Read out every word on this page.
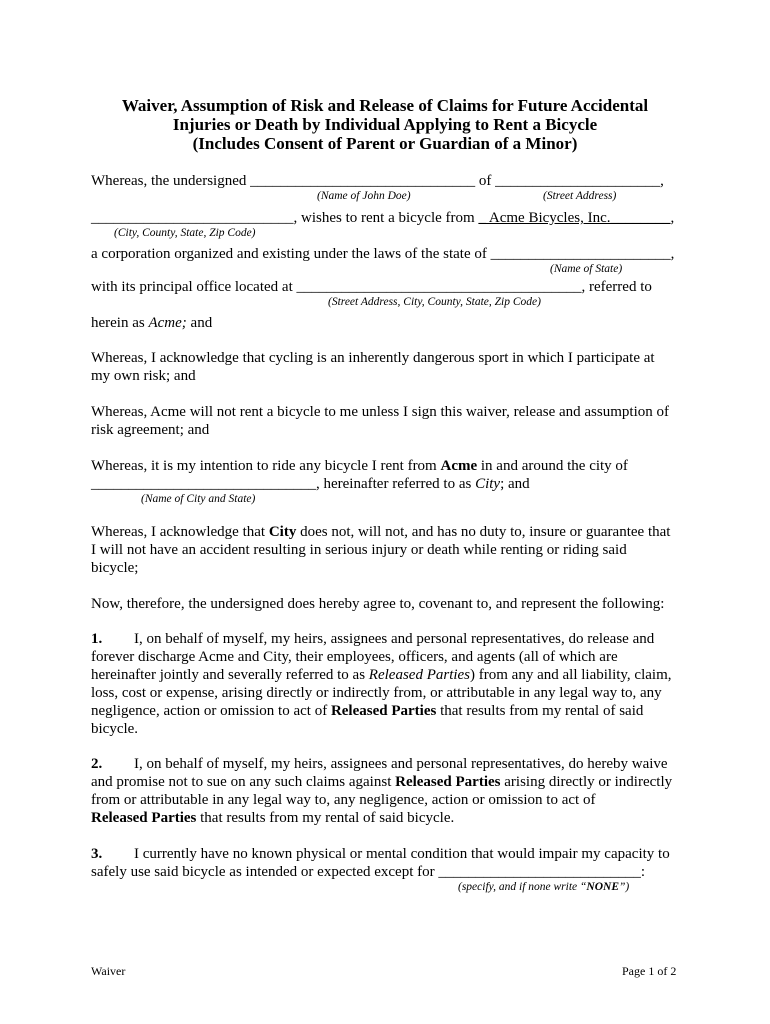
Waiver, Assumption of Risk and Release of Claims for Future Accidental
Injuries or Death by Individual Applying to Rent a Bicycle
(Includes Consent of Parent or Guardian of a Minor)
Whereas, the undersigned ______________________________ of ______________________,
(Name of John Doe)	(Street Address)
___________________________, wishes to rent a bicycle from _ Acme Bicycles, Inc.________,
(City, County, State, Zip Code)
a corporation organized and existing under the laws of the state of ________________________,
(Name of State)
with its principal office located at ______________________________________, referred to
(Street Address, City, County, State, Zip Code)
herein as Acme; and
Whereas, I acknowledge that cycling is an inherently dangerous sport in which I participate at
my own risk; and
Whereas, Acme will not rent a bicycle to me unless I sign this waiver, release and assumption of
risk agreement; and
Whereas, it is my intention to ride any bicycle I rent from Acme in and around the city of
______________________________, hereinafter referred to as City; and
(Name of City and State)
Whereas, I acknowledge that City does not, will not, and has no duty to, insure or guarantee that
I will not have an accident resulting in serious injury or death while renting or riding said
bicycle;
Now, therefore, the undersigned does hereby agree to, covenant to, and represent the following:
1. I, on behalf of myself, my heirs, assignees and personal representatives, do release and
forever discharge Acme and City, their employees, officers, and agents (all of which are
hereinafter jointly and severally referred to as Released Parties) from any and all liability, claim,
loss, cost or expense, arising directly or indirectly from, or attributable in any legal way to, any
negligence, action or omission to act of Released Parties that results from my rental of said
bicycle.
2. I, on behalf of myself, my heirs, assignees and personal representatives, do hereby waive
and promise not to sue on any such claims against Released Parties arising directly or indirectly
from or attributable in any legal way to, any negligence, action or omission to act of
Released Parties that results from my rental of said bicycle.
3. I currently have no known physical or mental condition that would impair my capacity to
safely use said bicycle as intended or expected except for ___________________________:
(specify, and if none write “NONE”)
Waiver	Page 1 of 2
